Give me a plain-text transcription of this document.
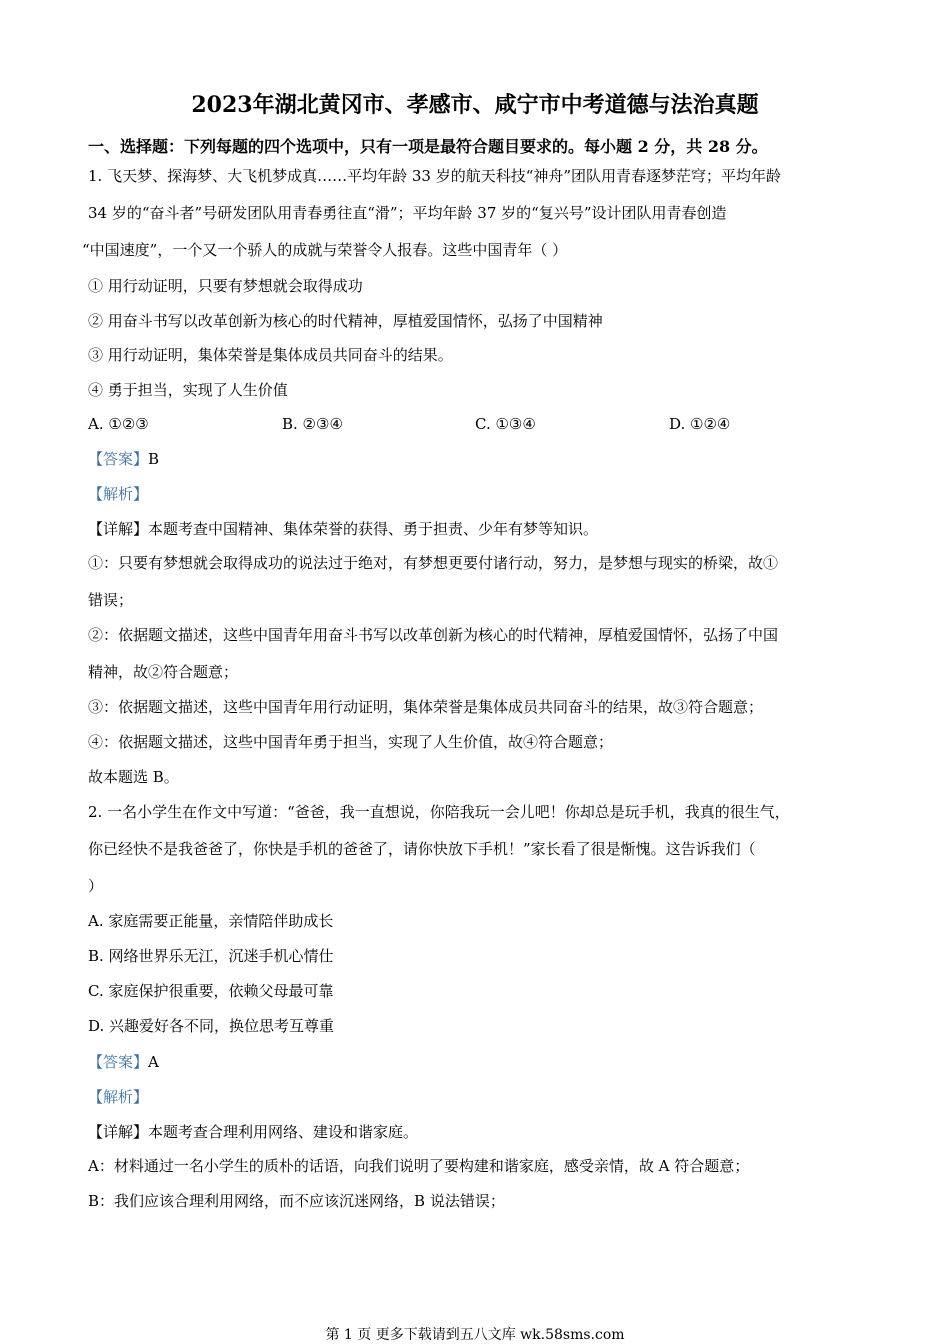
2023年湖北黄冈市、孝感市、咸宁市中考道德与法治真题
一、选择题：下列每题的四个选项中，只有一项是最符合题目要求的。每小题 2 分，共 28 分。
1. 飞天梦、探海梦、大飞机梦成真……平均年龄 33 岁的航天科技“神舟”团队用青春逐梦茫穹；平均年龄
34 岁的“奋斗者”号研发团队用青春勇往直“滑”；平均年龄 37 岁的“复兴号”设计团队用青春创造
“中国速度”，一个又一个骄人的成就与荣誉令人报春。这些中国青年（ ）
① 用行动证明，只要有梦想就会取得成功
② 用奋斗书写以改革创新为核心的时代精神，厚植爱国情怀，弘扬了中国精神
③ 用行动证明，集体荣誉是集体成员共同奋斗的结果。
④ 勇于担当，实现了人生价值
A. ①②③	B. ②③④	C. ①③④	D. ①②④
【答案】B
【解析】
【详解】本题考查中国精神、集体荣誉的获得、勇于担责、少年有梦等知识。
①：只要有梦想就会取得成功的说法过于绝对，有梦想更要付诸行动，努力，是梦想与现实的桥梁，故①
错误；
②：依据题文描述，这些中国青年用奋斗书写以改革创新为核心的时代精神，厚植爱国情怀，弘扬了中国
精神，故②符合题意；
③：依据题文描述，这些中国青年用行动证明，集体荣誉是集体成员共同奋斗的结果，故③符合题意；
④：依据题文描述，这些中国青年勇于担当，实现了人生价值，故④符合题意；
故本题选 B。
2. 一名小学生在作文中写道：“爸爸，我一直想说，你陪我玩一会儿吧！你却总是玩手机，我真的很生气，
你已经快不是我爸爸了，你快是手机的爸爸了，请你快放下手机！”家长看了很是惭愧。这告诉我们（
）
A. 家庭需要正能量，亲情陪伴助成长
B. 网络世界乐无江，沉迷手机心情仕
C. 家庭保护很重要，依赖父母最可靠
D. 兴趣爱好各不同，换位思考互尊重
【答案】A
【解析】
【详解】本题考查合理利用网络、建设和谐家庭。
A：材料通过一名小学生的质朴的话语，向我们说明了要构建和谐家庭，感受亲情，故 A 符合题意；
B：我们应该合理利用网络，而不应该沉迷网络，B 说法错误；
第 1 页 更多下载请到五八文库 wk.58sms.com
